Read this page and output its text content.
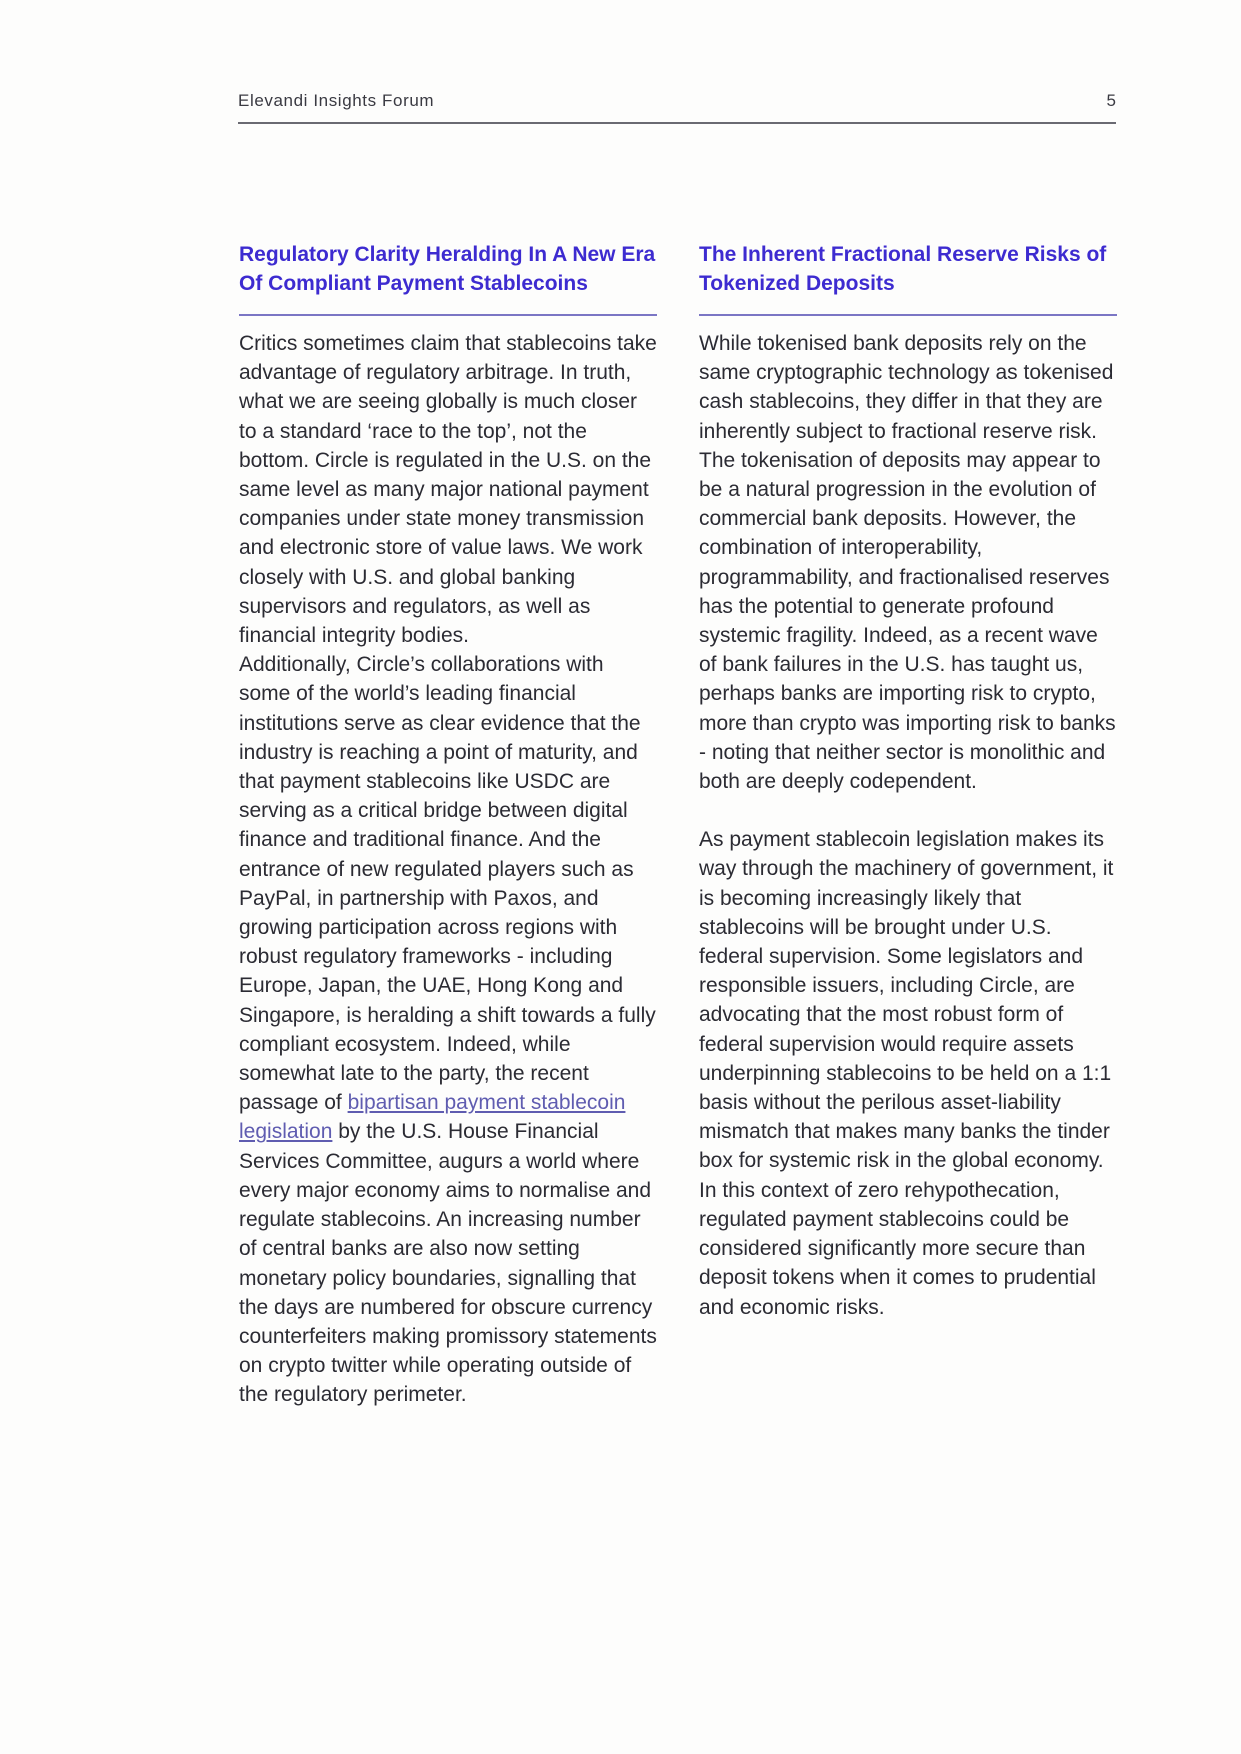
Elevandi Insights Forum	5
Regulatory Clarity Heralding In A New Era Of Compliant Payment Stablecoins

Critics sometimes claim that stablecoins take advantage of regulatory arbitrage. In truth, what we are seeing globally is much closer to a standard ‘race to the top’, not the bottom. Circle is regulated in the U.S. on the same level as many major national payment companies under state money transmission and electronic store of value laws. We work closely with U.S. and global banking supervisors and regulators, as well as financial integrity bodies.

Additionally, Circle’s collaborations with some of the world’s leading financial institutions serve as clear evidence that the industry is reaching a point of maturity, and that payment stablecoins like USDC are serving as a critical bridge between digital finance and traditional finance. And the entrance of new regulated players such as PayPal, in partnership with Paxos, and growing participation across regions with robust regulatory frameworks - including Europe, Japan, the UAE, Hong Kong and Singapore, is heralding a shift towards a fully compliant ecosystem. Indeed, while somewhat late to the party, the recent passage of bipartisan payment stablecoin legislation by the U.S. House Financial Services Committee, augurs a world where every major economy aims to normalise and regulate stablecoins. An increasing number of central banks are also now setting monetary policy boundaries, signalling that the days are numbered for obscure currency counterfeiters making promissory statements on crypto twitter while operating outside of the regulatory perimeter.

The Inherent Fractional Reserve Risks of Tokenized Deposits

While tokenised bank deposits rely on the same cryptographic technology as tokenised cash stablecoins, they differ in that they are inherently subject to fractional reserve risk. The tokenisation of deposits may appear to be a natural progression in the evolution of commercial bank deposits. However, the combination of interoperability, programmability, and fractionalised reserves has the potential to generate profound systemic fragility. Indeed, as a recent wave of bank failures in the U.S. has taught us, perhaps banks are importing risk to crypto, more than crypto was importing risk to banks - noting that neither sector is monolithic and both are deeply codependent.

As payment stablecoin legislation makes its way through the machinery of government, it is becoming increasingly likely that stablecoins will be brought under U.S. federal supervision. Some legislators and responsible issuers, including Circle, are advocating that the most robust form of federal supervision would require assets underpinning stablecoins to be held on a 1:1 basis without the perilous asset-liability mismatch that makes many banks the tinder box for systemic risk in the global economy. In this context of zero rehypothecation, regulated payment stablecoins could be considered significantly more secure than deposit tokens when it comes to prudential and economic risks.
